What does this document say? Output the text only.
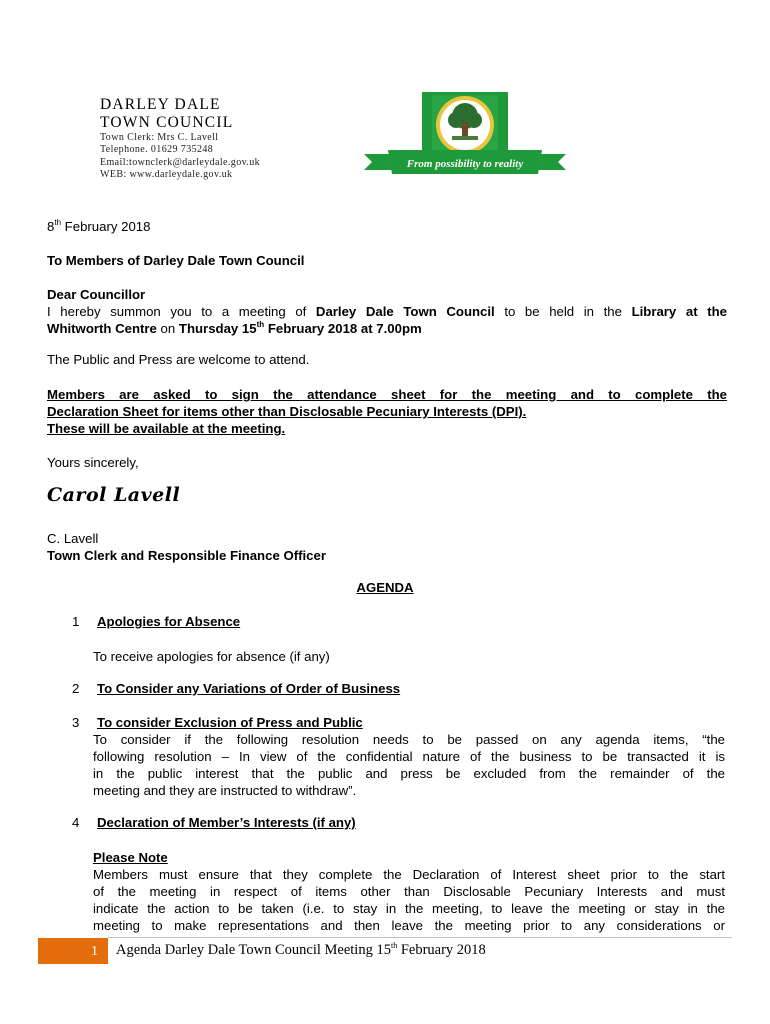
DARLEY DALE
TOWN COUNCIL
Town Clerk: Mrs C. Lavell
Telephone. 01629 735248
Email:townclerk@darleydale.gov.uk
WEB: www.darleydale.gov.uk
From possibility to reality
8th February 2018
To Members of Darley Dale Town Council
Dear Councillor
I hereby summon you to a meeting of Darley Dale Town Council to be held in the Library at the
Whitworth Centre on Thursday 15th February 2018 at 7.00pm
The Public and Press are welcome to attend.
Members are asked to sign the attendance sheet for the meeting and to complete the
Declaration Sheet for items other than Disclosable Pecuniary Interests (DPI).
These will be available at the meeting.
Yours sincerely,
Carol Lavell
C. Lavell
Town Clerk and Responsible Finance Officer
AGENDA
1 Apologies for Absence
To receive apologies for absence (if any)
2 To Consider any Variations of Order of Business
3 To consider Exclusion of Press and Public
To consider if the following resolution needs to be passed on any agenda items, “the
following resolution – In view of the confidential nature of the business to be transacted it is
in the public interest that the public and press be excluded from the remainder of the
meeting and they are instructed to withdraw”.
4 Declaration of Member’s Interests (if any)
Please Note
Members must ensure that they complete the Declaration of Interest sheet prior to the start
of the meeting in respect of items other than Disclosable Pecuniary Interests and must
indicate the action to be taken (i.e. to stay in the meeting, to leave the meeting or stay in the
meeting to make representations and then leave the meeting prior to any considerations or
1 Agenda Darley Dale Town Council Meeting 15th February 2018
